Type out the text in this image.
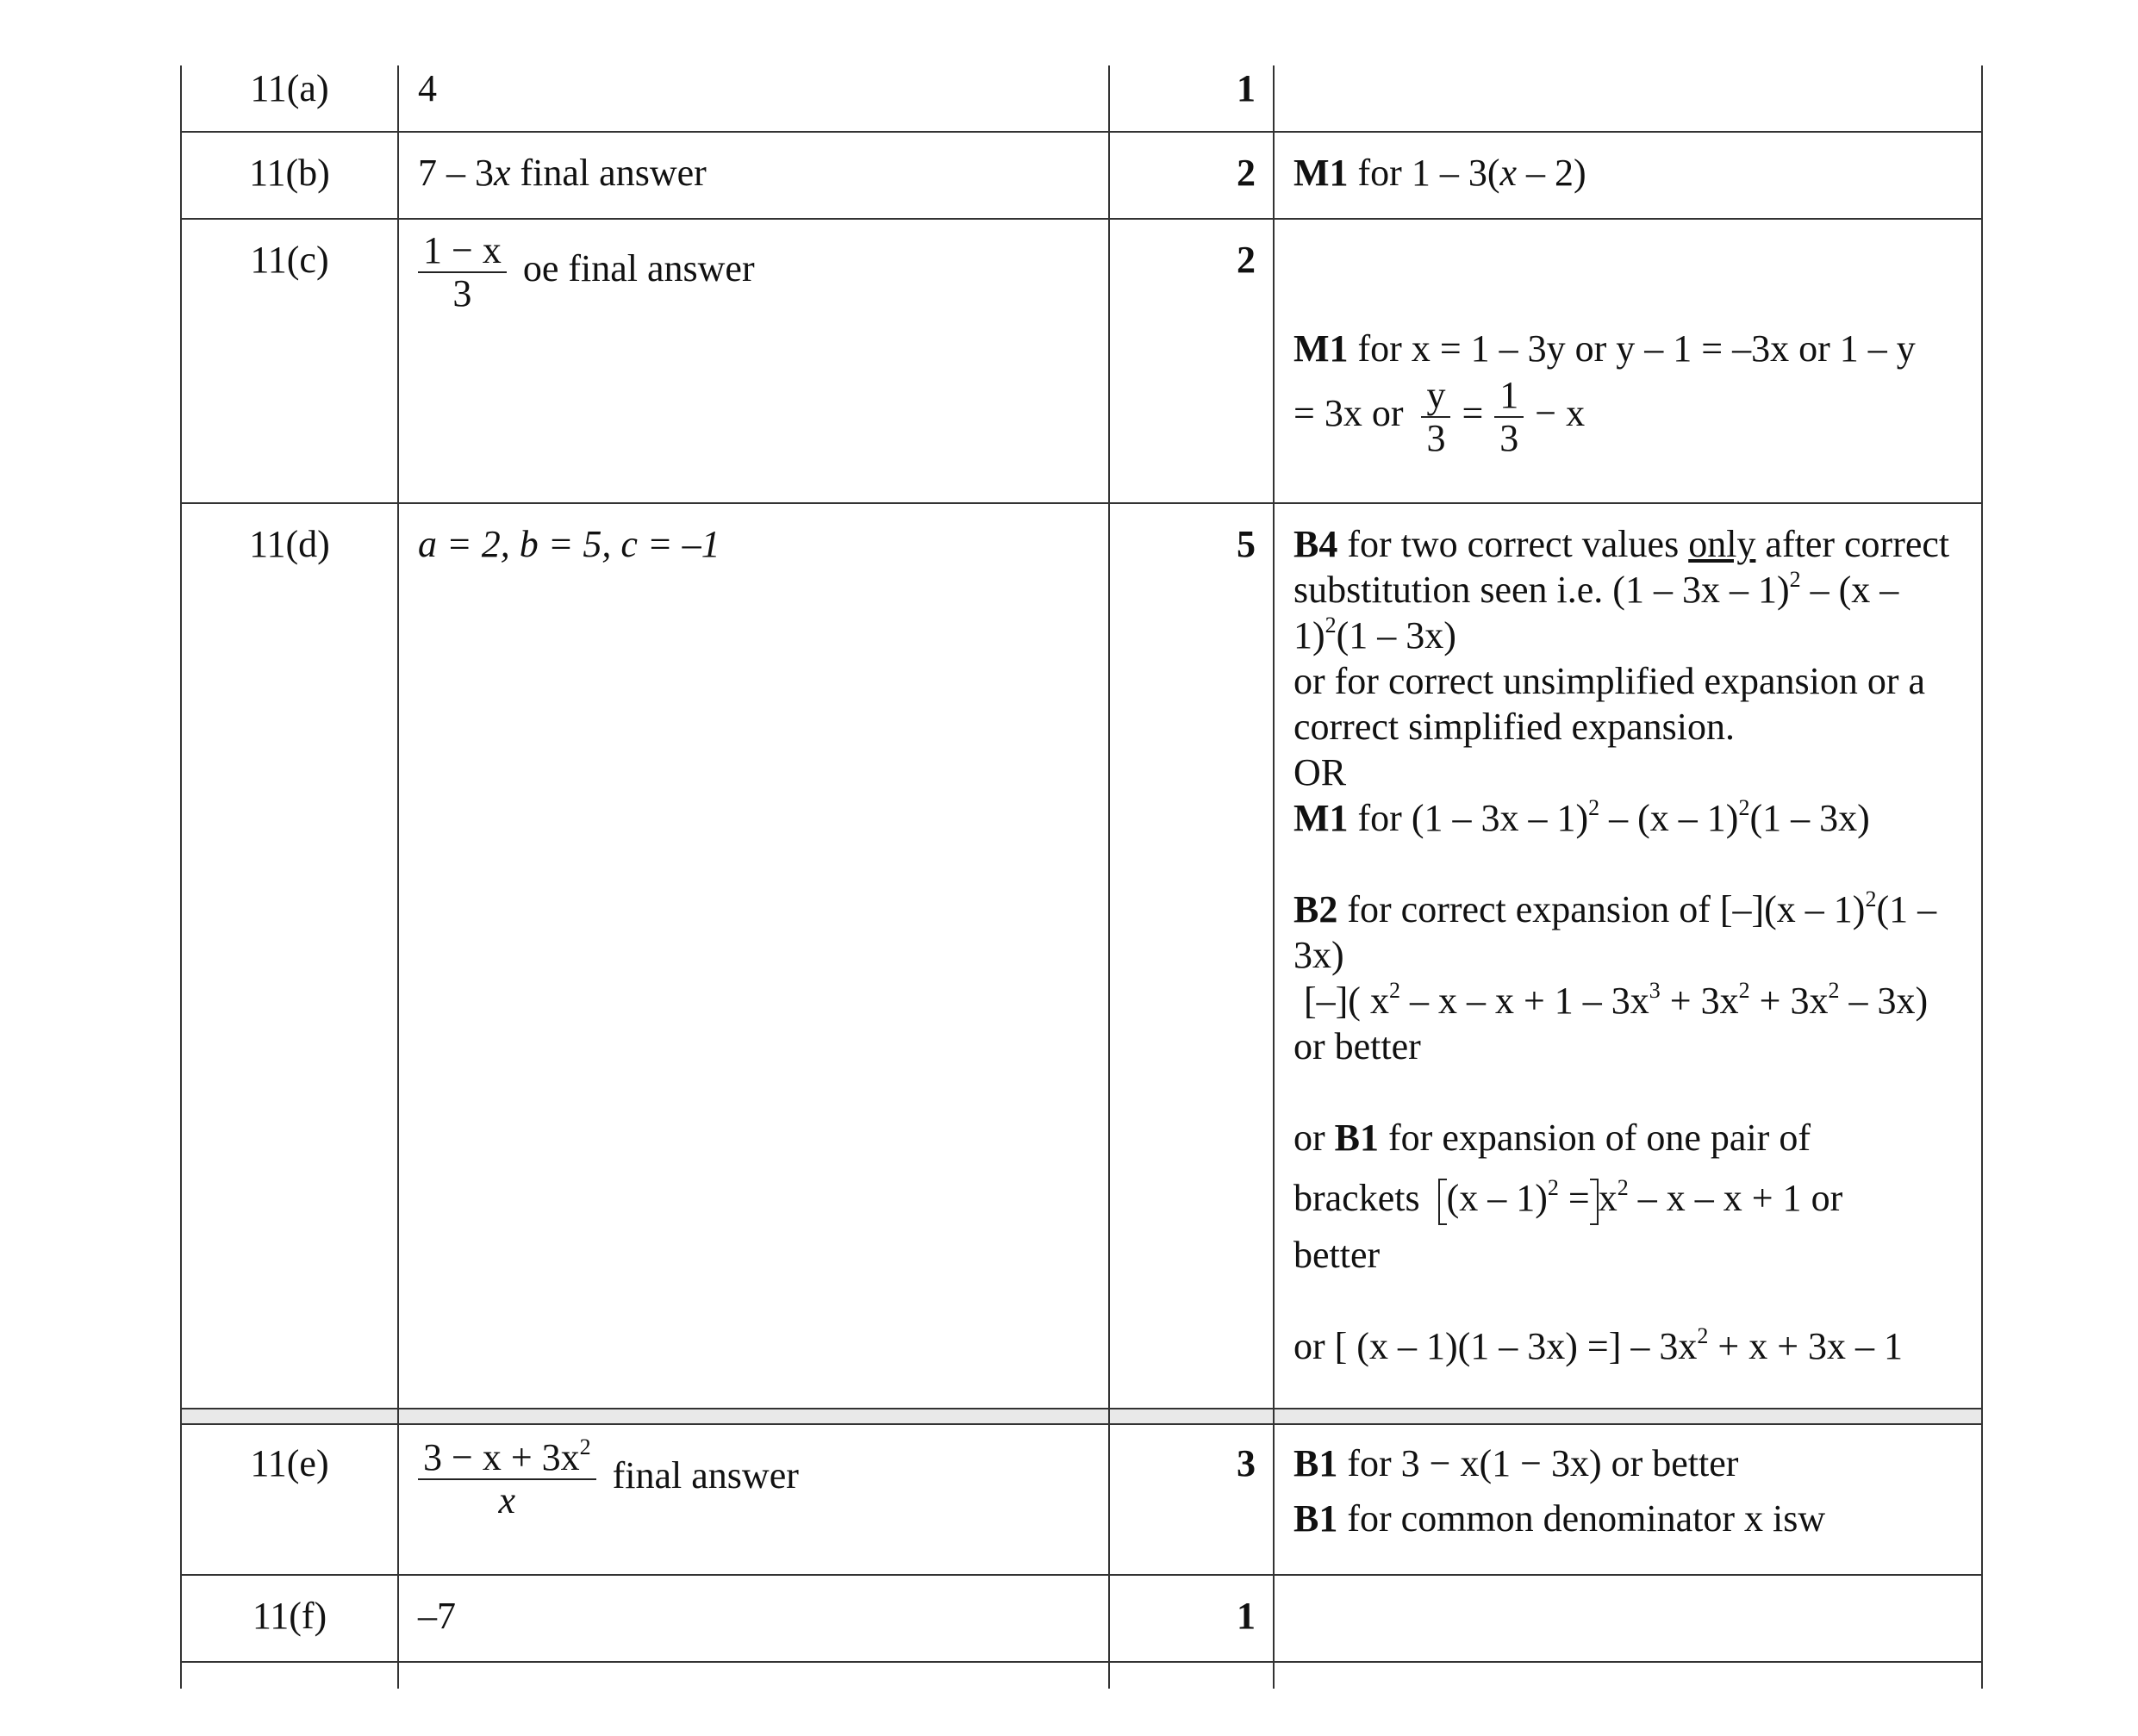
11(a)	4	1
11(b)	7 – 3x final answer	2	M1 for 1 – 3(x – 2)
11(c)	$\frac{1 - x}{3}$ oe final answer	2
M1 for x = 1 – 3y or y – 1 = –3x or 1 – y
= 3x or $\frac{y}{3} = \frac{1}{3} - x$
11(d)	a = 2, b = 5, c = –1	5	B4 for two correct values only after correct substitution seen i.e. (1 – 3x – 1)$^2$ – (x – 1)$^2$(1 – 3x)
or for correct unsimplified expansion or a correct simplified expansion.
OR
M1 for (1 – 3x – 1)$^2$ – (x – 1)$^2$(1 – 3x)
B2 for correct expansion of [–](x – 1)$^2$(1 – 3x)
[–]( $x^2 - x - x + 1 - 3x^3 + 3x^2 + 3x^2 - 3x$)
or better
or B1 for expansion of one pair of
brackets $(x - 1)^2 = x^2 - x - x + 1$ or
better
or [ (x – 1)(1 – 3x) =] – $3x^2 + x + 3x - 1$
11(e)	$\frac{3 - x + 3x^2}{x}$ final answer	3	B1 for 3 − x(1 − 3x) or better
B1 for common denominator x isw
11(f)	–7	1
